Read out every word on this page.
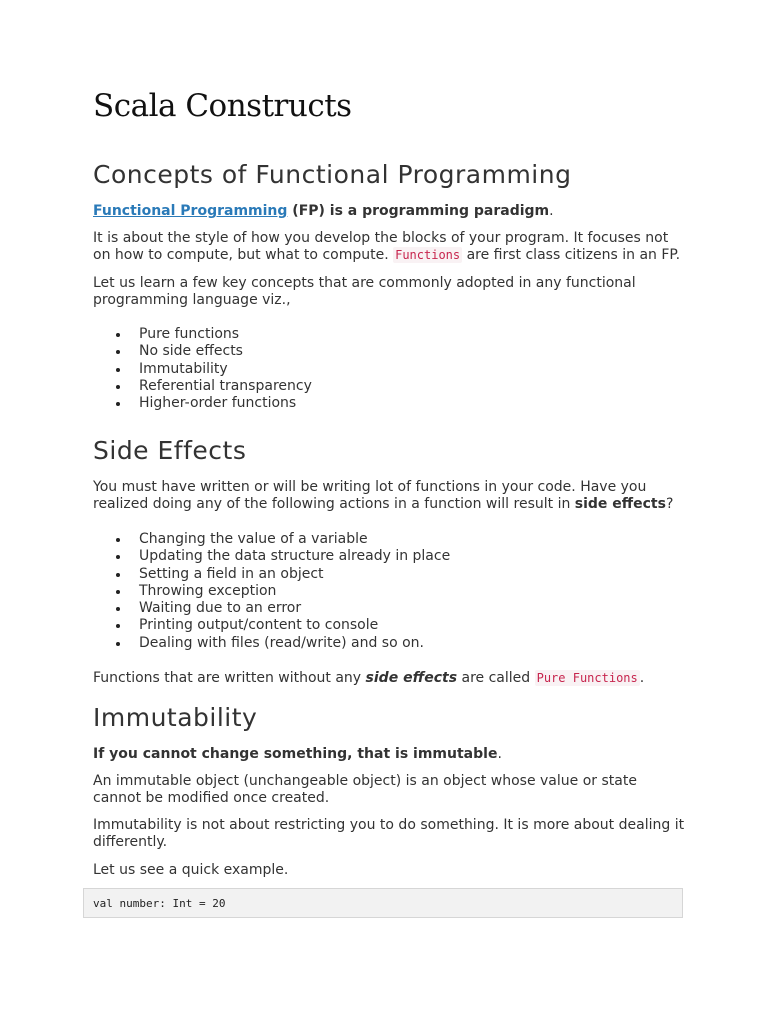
Scala Constructs
Concepts of Functional Programming

Functional Programming (FP) is a programming paradigm.

It is about the style of how you develop the blocks of your program. It focuses not on how to compute, but what to compute. Functions are first class citizens in an FP.

Let us learn a few key concepts that are commonly adopted in any functional programming language viz.,

Pure functions
No side effects
Immutability
Referential transparency
Higher-order functions
Side Effects

You must have written or will be writing lot of functions in your code. Have you realized doing any of the following actions in a function will result in side effects?

Changing the value of a variable
Updating the data structure already in place
Setting a field in an object
Throwing exception
Waiting due to an error
Printing output/content to console
Dealing with files (read/write) and so on.

Functions that are written without any side effects are called Pure Functions .

Immutability

If you cannot change something, that is immutable.

An immutable object (unchangeable object) is an object whose value or state cannot be modified once created.

Immutability is not about restricting you to do something. It is more about dealing it differently.

Let us see a quick example.

val number: Int = 20
